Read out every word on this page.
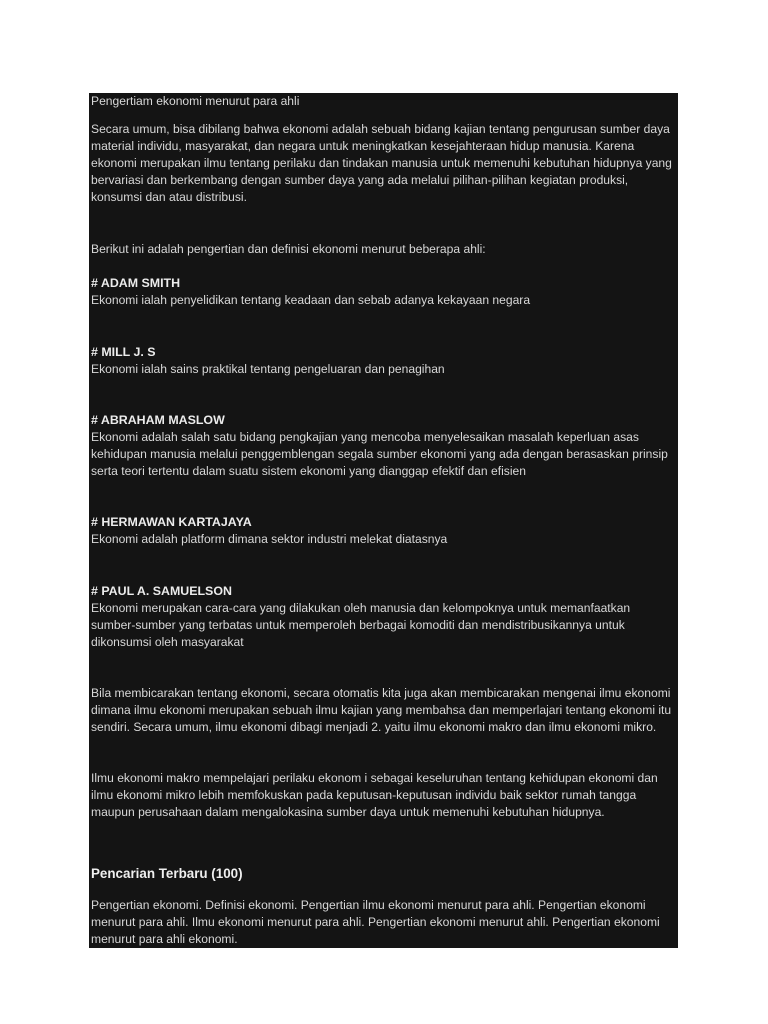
Pengertiam ekonomi menurut para ahli

Secara umum, bisa dibilang bahwa ekonomi adalah sebuah bidang kajian tentang pengurusan sumber daya material individu, masyarakat, dan negara untuk meningkatkan kesejahteraan hidup manusia. Karena ekonomi merupakan ilmu tentang perilaku dan tindakan manusia untuk memenuhi kebutuhan hidupnya yang bervariasi dan berkembang dengan sumber daya yang ada melalui pilihan-pilihan kegiatan produksi, konsumsi dan atau distribusi.

Berikut ini adalah pengertian dan definisi ekonomi menurut beberapa ahli:

# ADAM SMITH

Ekonomi ialah penyelidikan tentang keadaan dan sebab adanya kekayaan negara

# MILL J. S

Ekonomi ialah sains praktikal tentang pengeluaran dan penagihan

# ABRAHAM MASLOW

Ekonomi adalah salah satu bidang pengkajian yang mencoba menyelesaikan masalah keperluan asas kehidupan manusia melalui penggemblengan segala sumber ekonomi yang ada dengan berasaskan prinsip serta teori tertentu dalam suatu sistem ekonomi yang dianggap efektif dan efisien

# HERMAWAN KARTAJAYA

Ekonomi adalah platform dimana sektor industri melekat diatasnya

# PAUL A. SAMUELSON

Ekonomi merupakan cara-cara yang dilakukan oleh manusia dan kelompoknya untuk memanfaatkan sumber-sumber yang terbatas untuk memperoleh berbagai komoditi dan mendistribusikannya untuk dikonsumsi oleh masyarakat

Bila membicarakan tentang ekonomi, secara otomatis kita juga akan membicarakan mengenai ilmu ekonomi dimana ilmu ekonomi merupakan sebuah ilmu kajian yang membahsa dan memperlajari tentang ekonomi itu sendiri. Secara umum, ilmu ekonomi dibagi menjadi 2. yaitu ilmu ekonomi makro dan ilmu ekonomi mikro.

Ilmu ekonomi makro mempelajari perilaku ekonom i sebagai keseluruhan tentang kehidupan ekonomi dan ilmu ekonomi mikro lebih memfokuskan pada keputusan-keputusan individu baik sektor rumah tangga maupun perusahaan dalam mengalokasina sumber daya untuk memenuhi kebutuhan hidupnya.

Pencarian Terbaru (100)

Pengertian ekonomi. Definisi ekonomi. Pengertian ilmu ekonomi menurut para ahli. Pengertian ekonomi menurut para ahli. Ilmu ekonomi menurut para ahli. Pengertian ekonomi menurut ahli. Pengertian ekonomi menurut para ahli ekonomi.
